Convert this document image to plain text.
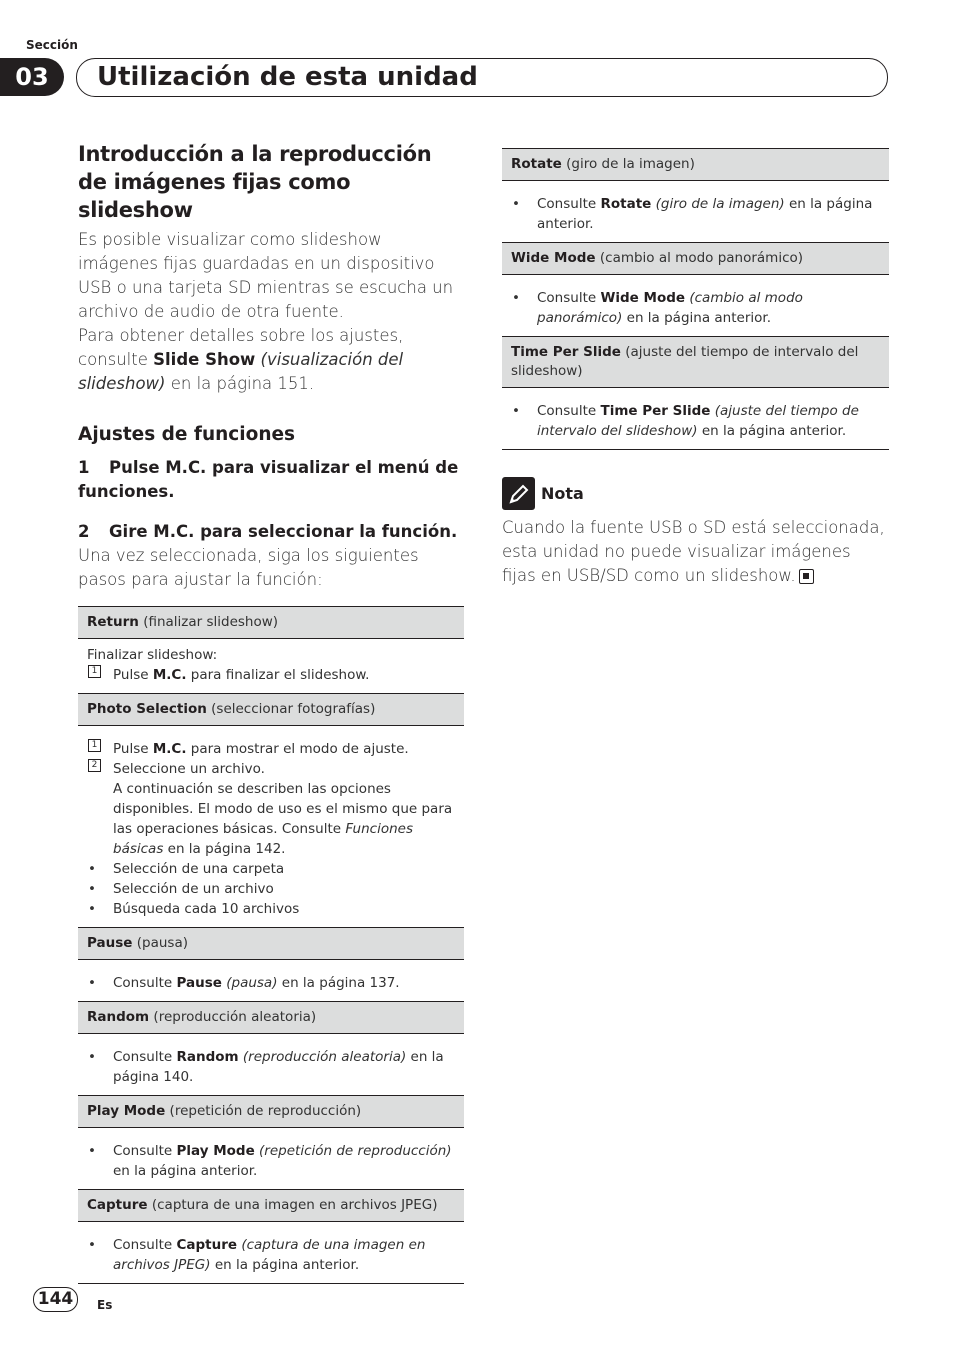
Sección
03	Utilización de esta unidad
Introducción a la reproducción de imágenes fijas como slideshow

Es posible visualizar como slideshow imágenes fijas guardadas en un dispositivo USB o una tarjeta SD mientras se escucha un archivo de audio de otra fuente.

Para obtener detalles sobre los ajustes, consulte Slide Show (visualización del slideshow) en la página 151.

Ajustes de funciones
1 Pulse M.C. para visualizar el menú de funciones.
2 Gire M.C. para seleccionar la función.

Una vez seleccionada, siga los siguientes pasos para ajustar la función:

Return (finalizar slideshow)
Finalizar slideshow:
1 Pulse M.C. para finalizar el slideshow.
Photo Selection (seleccionar fotografías)
1 Pulse M.C. para mostrar el modo de ajuste.
2 Seleccione un archivo.
A continuación se describen las opciones disponibles. El modo de uso es el mismo que para las operaciones básicas. Consulte Funciones básicas en la página 142.
• Selección de una carpeta
• Selección de un archivo
• Búsqueda cada 10 archivos
Pause (pausa)
• Consulte Pause (pausa) en la página 137.
Random (reproducción aleatoria)
• Consulte Random (reproducción aleatoria) en la página 140.
Play Mode (repetición de reproducción)
• Consulte Play Mode (repetición de reproducción) en la página anterior.
Capture (captura de una imagen en archivos JPEG)
• Consulte Capture (captura de una imagen en archivos JPEG) en la página anterior.
Rotate (giro de la imagen)
• Consulte Rotate (giro de la imagen) en la página anterior.
Wide Mode (cambio al modo panorámico)
• Consulte Wide Mode (cambio al modo panorámico) en la página anterior.
Time Per Slide (ajuste del tiempo de intervalo del slideshow)
• Consulte Time Per Slide (ajuste del tiempo de intervalo del slideshow) en la página anterior.
Nota

Cuando la fuente USB o SD está seleccionada, esta unidad no puede visualizar imágenes fijas en USB/SD como un slideshow.

144	Es
